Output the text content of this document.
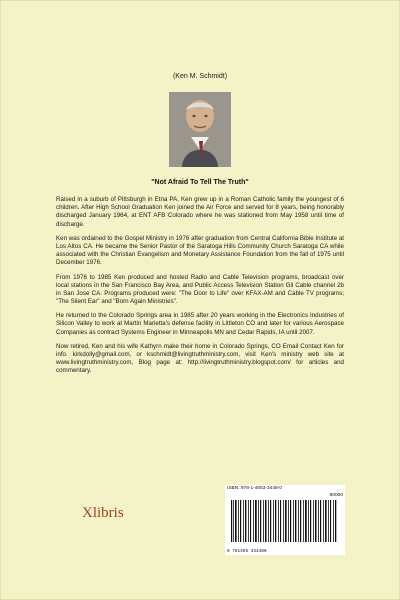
(Ken M. Schmidt)
"Not Afraid To Tell The Truth"

Raised in a suburb of Pittsburgh in Etna PA, Ken grew up in a Roman Catholic family the youngest of 6 children. After High School Graduation Ken joined the Air Force and served for 8 years, being honorably discharged January 1964, at ENT AFB Colorado where he was stationed from May 1958 until time of discharge.

Ken was ordained to the Gospel Ministry in 1976 after graduation from Central California Bible Institute at Los Altos CA. He became the Senior Pastor of the Saratoga Hills Community Church Saratoga CA while associated with the Christian Evangelism and Monetary Assistance Foundation from the fall of 1975 until December 1976.

From 1976 to 1985 Ken produced and hosted Radio and Cable Television programs, broadcast over local stations in the San Francisco Bay Area, and Public Access Television Station Gil Cable channel 2b in San Jose CA. Programs produced were: "The Door to Life" over KFAX-AM and Cable TV programs; "The Silent Ear" and "Born Again Ministries".

He returned to the Colorado Springs area in 1985 after 20 years working in the Electronics Industries of Silicon Valley to work at Martin Marietta's defense facility in Littleton CO and later for various Aerospace Companies as contract Systems Engineer in Minneapolis MN and Cedar Rapids, IA until 2007.

Now retired, Ken and his wife Kathyrn make their home in Colorado Springs, CO Email Contact Ken for info. kirkdolly@gmail.com, or kschmidt@livingtruthministry.com, visit Ken's ministry web site at www.livingtruthministry.com, Blog page at: http://livingtruthministry.blogspot.com/ for articles and commentary.

Xlibris
ISBN: 978-1-4653-3448-0
90000
9 781465 334480
